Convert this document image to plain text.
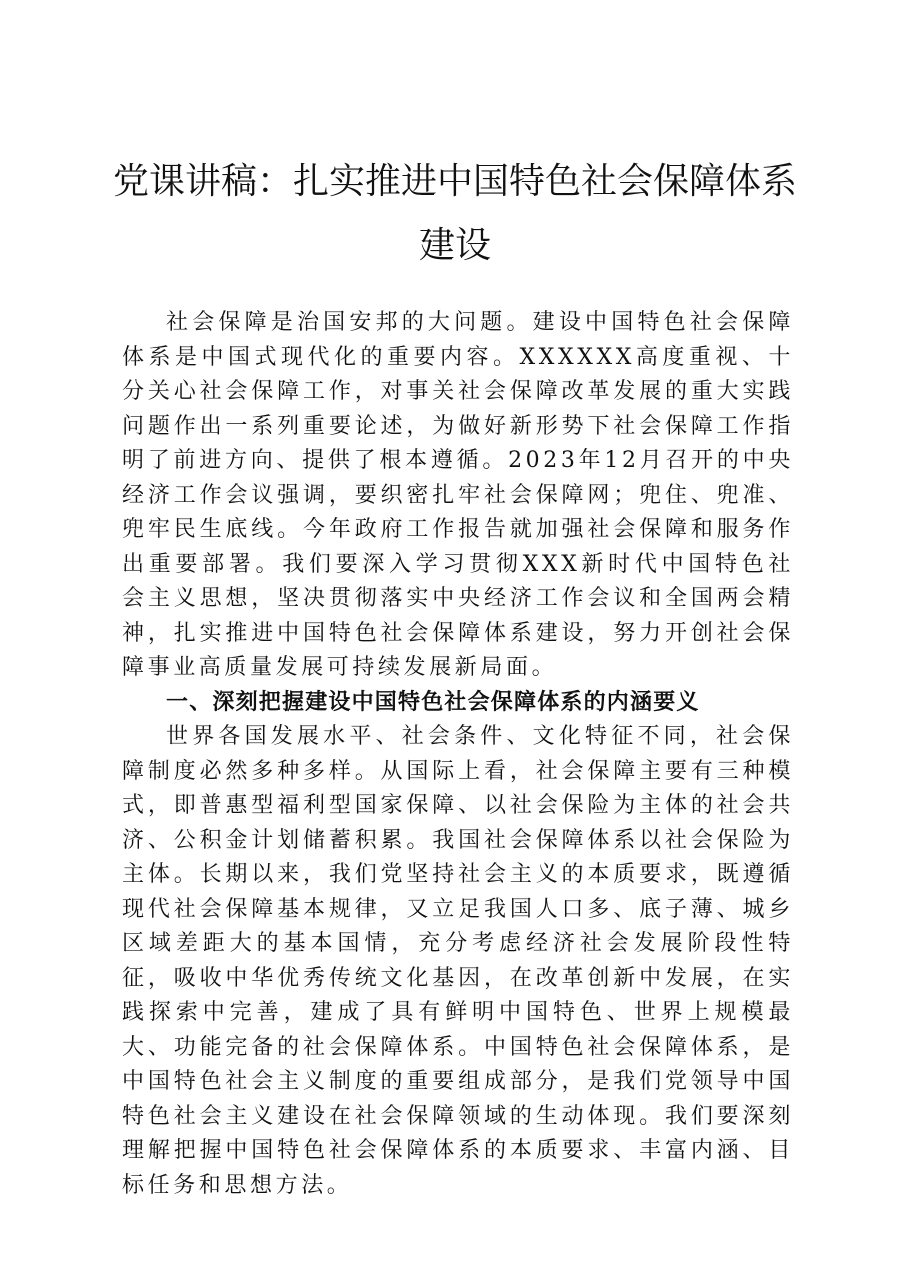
党课讲稿：扎实推进中国特色社会保障体系建设

社会保障是治国安邦的大问题。建设中国特色社会保障体系是中国式现代化的重要内容。XXXXXX高度重视、十分关心社会保障工作，对事关社会保障改革发展的重大实践问题作出一系列重要论述，为做好新形势下社会保障工作指明了前进方向、提供了根本遵循。2023年12月召开的中央经济工作会议强调，要织密扎牢社会保障网；兜住、兜准、兜牢民生底线。今年政府工作报告就加强社会保障和服务作出重要部署。我们要深入学习贯彻XXX新时代中国特色社会主义思想，坚决贯彻落实中央经济工作会议和全国两会精神，扎实推进中国特色社会保障体系建设，努力开创社会保障事业高质量发展可持续发展新局面。

一、深刻把握建设中国特色社会保障体系的内涵要义

世界各国发展水平、社会条件、文化特征不同，社会保障制度必然多种多样。从国际上看，社会保障主要有三种模式，即普惠型福利型国家保障、以社会保险为主体的社会共济、公积金计划储蓄积累。我国社会保障体系以社会保险为主体。长期以来，我们党坚持社会主义的本质要求，既遵循现代社会保障基本规律，又立足我国人口多、底子薄、城乡区域差距大的基本国情，充分考虑经济社会发展阶段性特征，吸收中华优秀传统文化基因，在改革创新中发展，在实践探索中完善，建成了具有鲜明中国特色、世界上规模最大、功能完备的社会保障体系。中国特色社会保障体系，是中国特色社会主义制度的重要组成部分，是我们党领导中国特色社会主义建设在社会保障领域的生动体现。我们要深刻理解把握中国特色社会保障体系的本质要求、丰富内涵、目标任务和思想方法。
